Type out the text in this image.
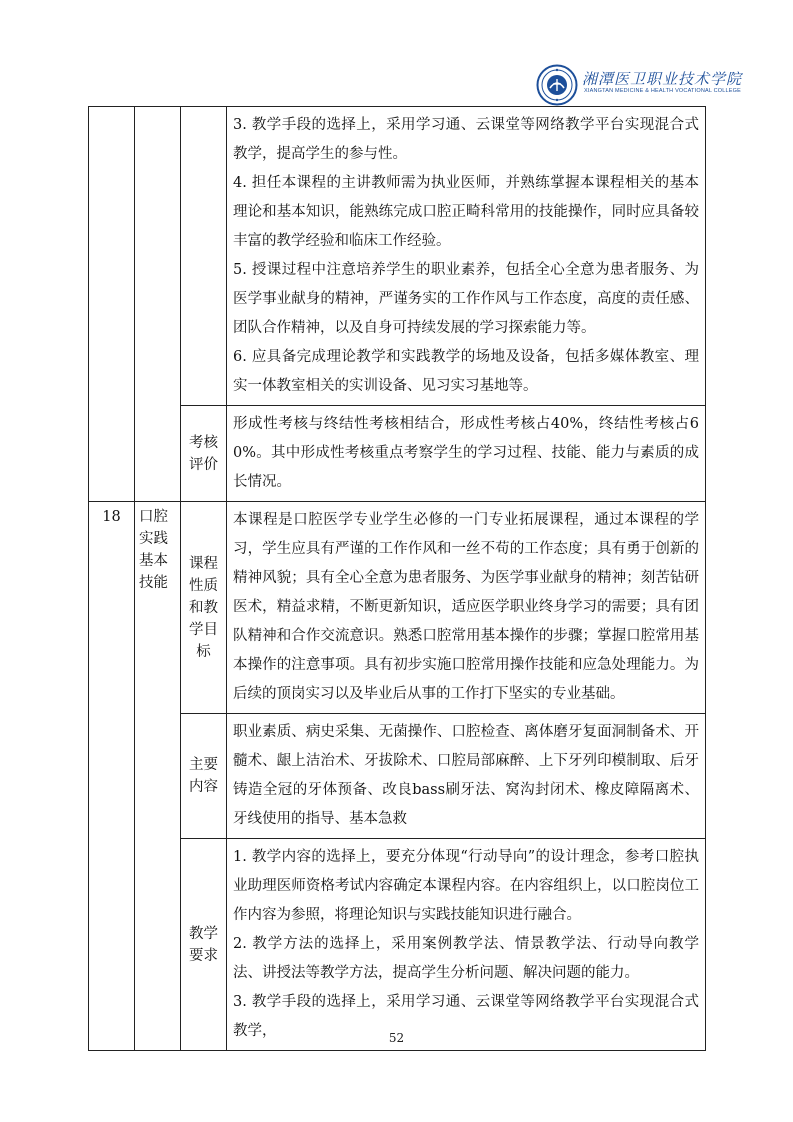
湘潭医卫职业技术学院
XIANGTAN MEDICINE & HEALTH VOCATIONAL COLLEGE

			3. 教学手段的选择上，采用学习通、云课堂等网络教学平台实现混合式教学，提高学生的参与性。

4. 担任本课程的主讲教师需为执业医师，并熟练掌握本课程相关的基本理论和基本知识，能熟练完成口腔正畸科常用的技能操作，同时应具备较丰富的教学经验和临床工作经验。

5. 授课过程中注意培养学生的职业素养，包括全心全意为患者服务、为医学事业献身的精神，严谨务实的工作作风与工作态度，高度的责任感、团队合作精神，以及自身可持续发展的学习探索能力等。

6. 应具备完成理论教学和实践教学的场地及设备，包括多媒体教室、理实一体教室相关的实训设备、见习实习基地等。

		考核评价	形成性考核与终结性考核相结合，形成性考核占40%，终结性考核占60%。其中形成性考核重点考察学生的学习过程、技能、能力与素质的成长情况。

18	口腔实践基本技能	课程性质和教学目标	本课程是口腔医学专业学生必修的一门专业拓展课程，通过本课程的学习，学生应具有严谨的工作作风和一丝不苟的工作态度；具有勇于创新的精神风貌；具有全心全意为患者服务、为医学事业献身的精神；刻苦钻研医术，精益求精，不断更新知识，适应医学职业终身学习的需要；具有团队精神和合作交流意识。熟悉口腔常用基本操作的步骤；掌握口腔常用基本操作的注意事项。具有初步实施口腔常用操作技能和应急处理能力。为后续的顶岗实习以及毕业后从事的工作打下坚实的专业基础。

		主要内容	职业素质、病史采集、无菌操作、口腔检查、离体磨牙复面洞制备术、开髓术、龈上洁治术、牙拔除术、口腔局部麻醉、上下牙列印模制取、后牙铸造全冠的牙体预备、改良bass刷牙法、窝沟封闭术、橡皮障隔离术、牙线使用的指导、基本急救

		教学要求	1. 教学内容的选择上，要充分体现“行动导向”的设计理念，参考口腔执业助理医师资格考试内容确定本课程内容。在内容组织上，以口腔岗位工作内容为参照，将理论知识与实践技能知识进行融合。

2. 教学方法的选择上，采用案例教学法、情景教学法、行动导向教学法、讲授法等教学方法，提高学生分析问题、解决问题的能力。

3. 教学手段的选择上，采用学习通、云课堂等网络教学平台实现混合式教学，	52
